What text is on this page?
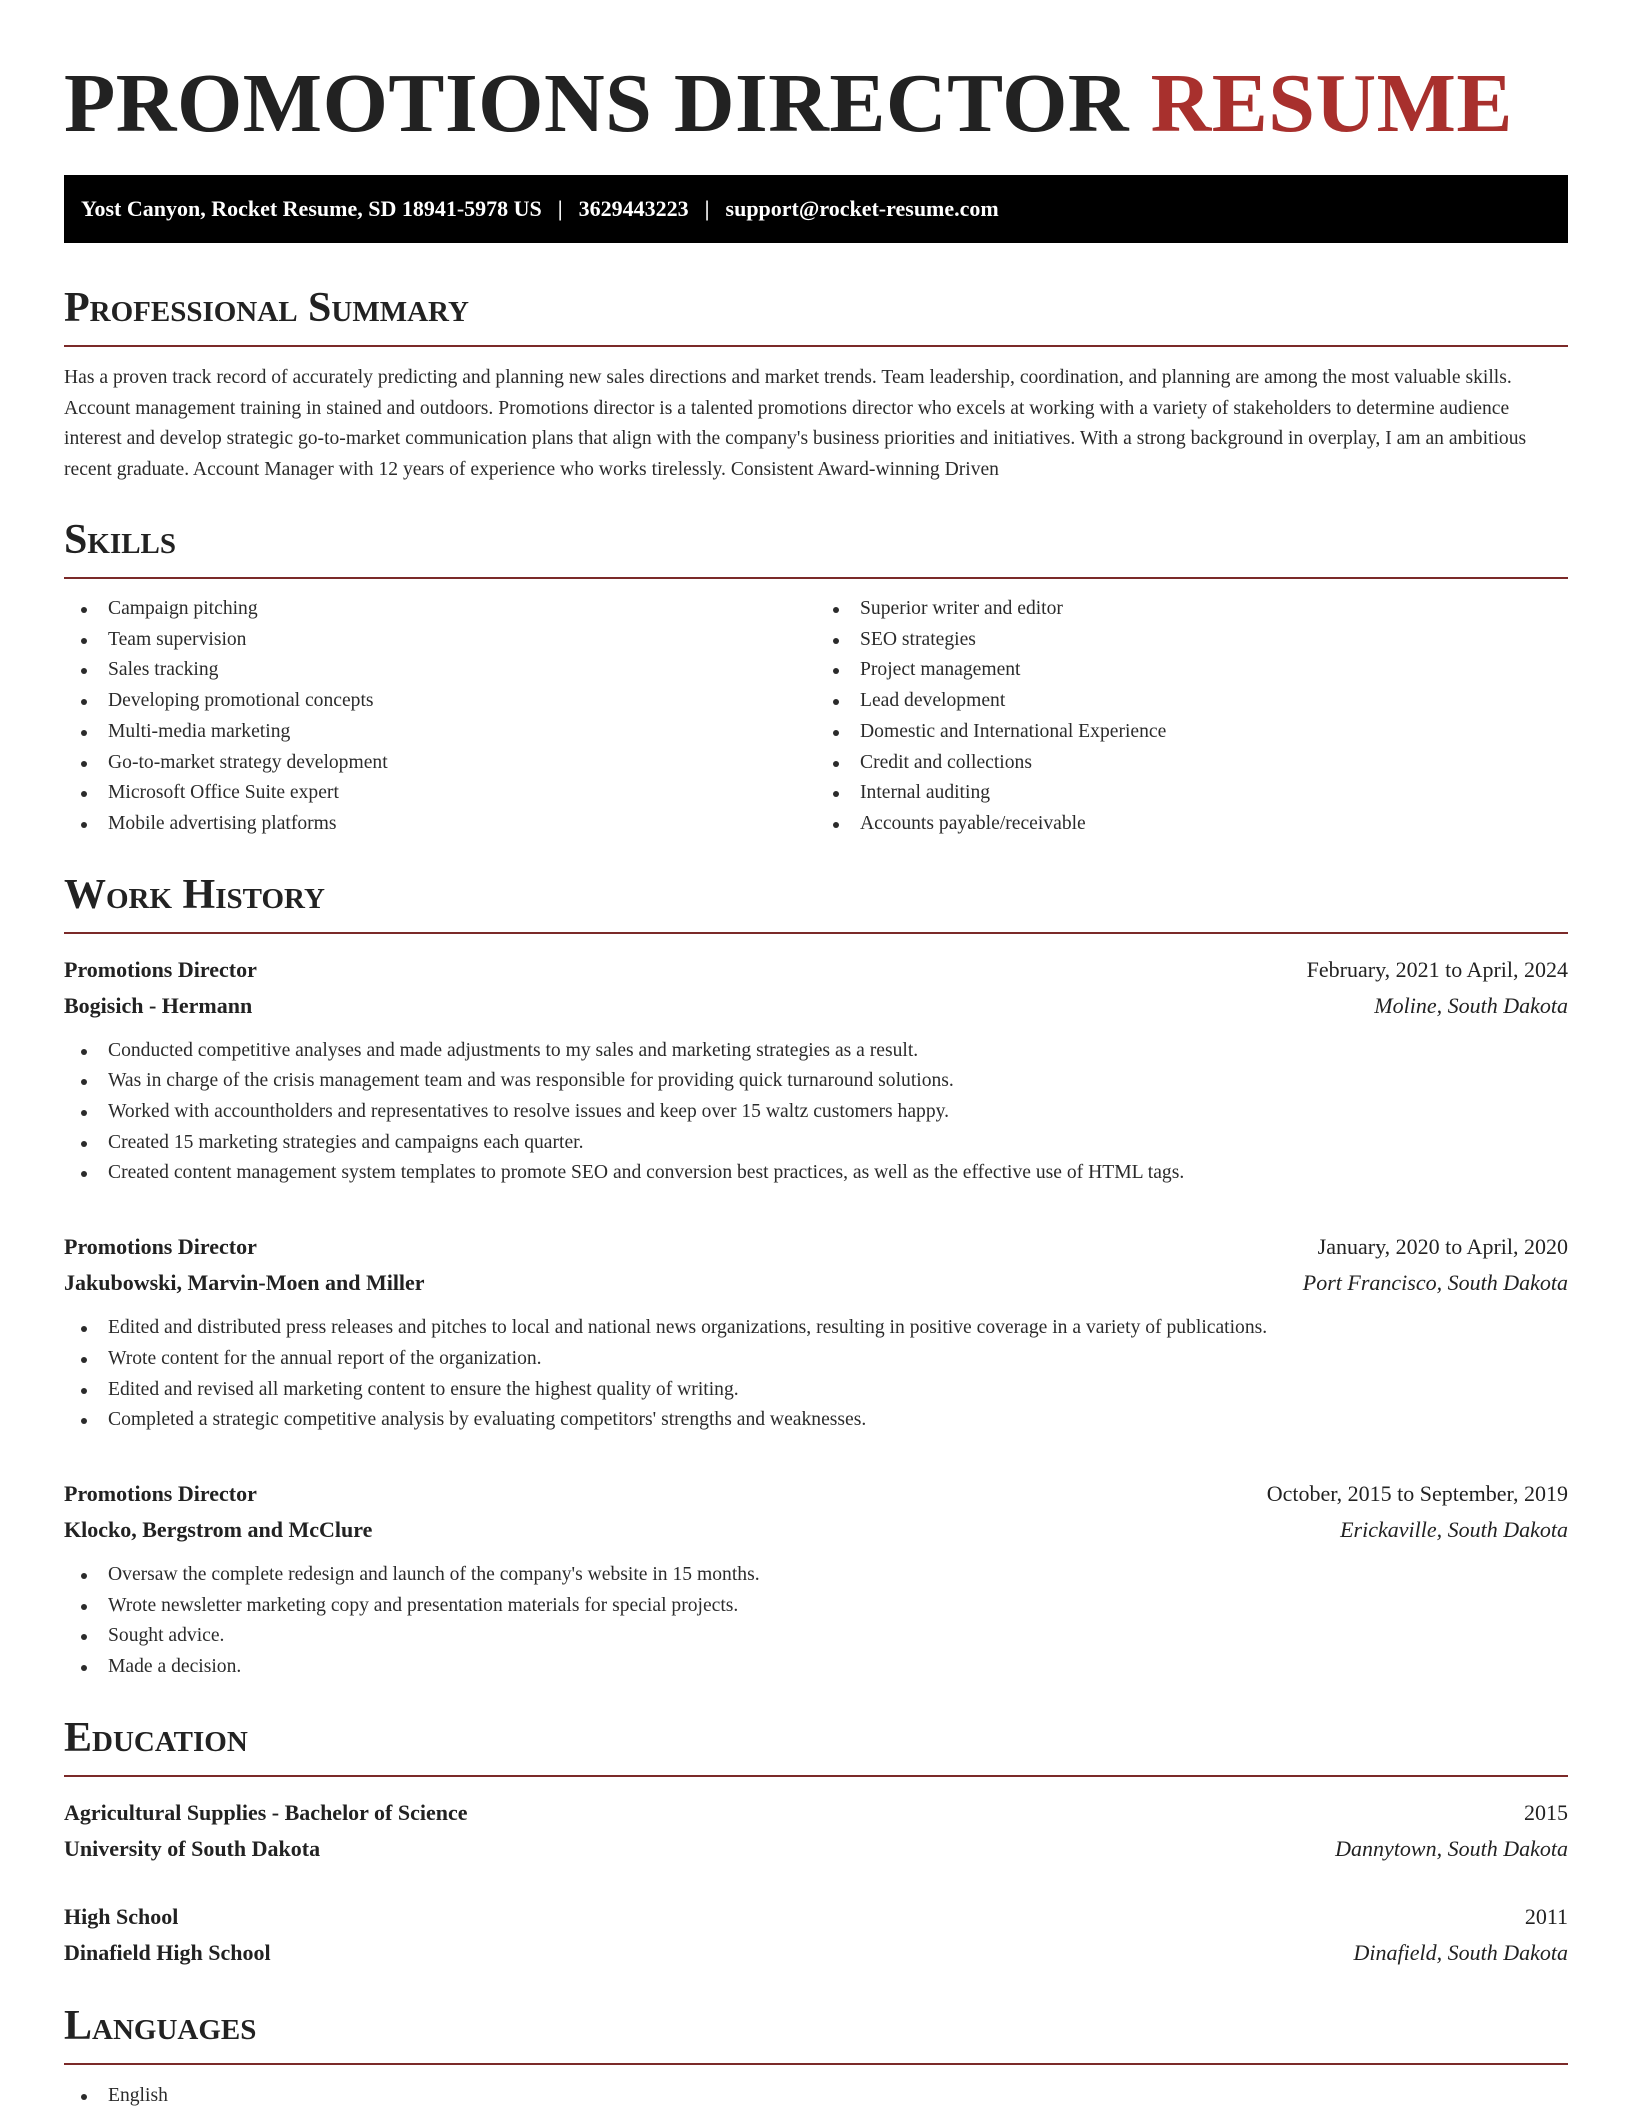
PROMOTIONS DIRECTOR RESUME
Yost Canyon, Rocket Resume, SD 18941-5978 US | 3629443223 | support@rocket-resume.com
Professional Summary

Has a proven track record of accurately predicting and planning new sales directions and market trends. Team leadership, coordination, and planning are among the most valuable skills. Account management training in stained and outdoors. Promotions director is a talented promotions director who excels at working with a variety of stakeholders to determine audience interest and develop strategic go-to-market communication plans that align with the company's business priorities and initiatives. With a strong background in overplay, I am an ambitious recent graduate. Account Manager with 12 years of experience who works tirelessly. Consistent Award-winning Driven

Skills
Campaign pitching
Team supervision
Sales tracking
Developing promotional concepts
Multi-media marketing
Go-to-market strategy development
Microsoft Office Suite expert
Mobile advertising platforms
Superior writer and editor
SEO strategies
Project management
Lead development
Domestic and International Experience
Credit and collections
Internal auditing
Accounts payable/receivable
Work History
Promotions Director	February, 2021 to April, 2024
Bogisich - Hermann	Moline, South Dakota
Conducted competitive analyses and made adjustments to my sales and marketing strategies as a result.
Was in charge of the crisis management team and was responsible for providing quick turnaround solutions.
Worked with accountholders and representatives to resolve issues and keep over 15 waltz customers happy.
Created 15 marketing strategies and campaigns each quarter.
Created content management system templates to promote SEO and conversion best practices, as well as the effective use of HTML tags.
Promotions Director	January, 2020 to April, 2020
Jakubowski, Marvin-Moen and Miller	Port Francisco, South Dakota
Edited and distributed press releases and pitches to local and national news organizations, resulting in positive coverage in a variety of publications.
Wrote content for the annual report of the organization.
Edited and revised all marketing content to ensure the highest quality of writing.
Completed a strategic competitive analysis by evaluating competitors' strengths and weaknesses.
Promotions Director	October, 2015 to September, 2019
Klocko, Bergstrom and McClure	Erickaville, South Dakota
Oversaw the complete redesign and launch of the company's website in 15 months.
Wrote newsletter marketing copy and presentation materials for special projects.
Sought advice.
Made a decision.
Education
Agricultural Supplies - Bachelor of Science	2015
University of South Dakota	Dannytown, South Dakota
High School	2011
Dinafield High School	Dinafield, South Dakota
Languages
English
